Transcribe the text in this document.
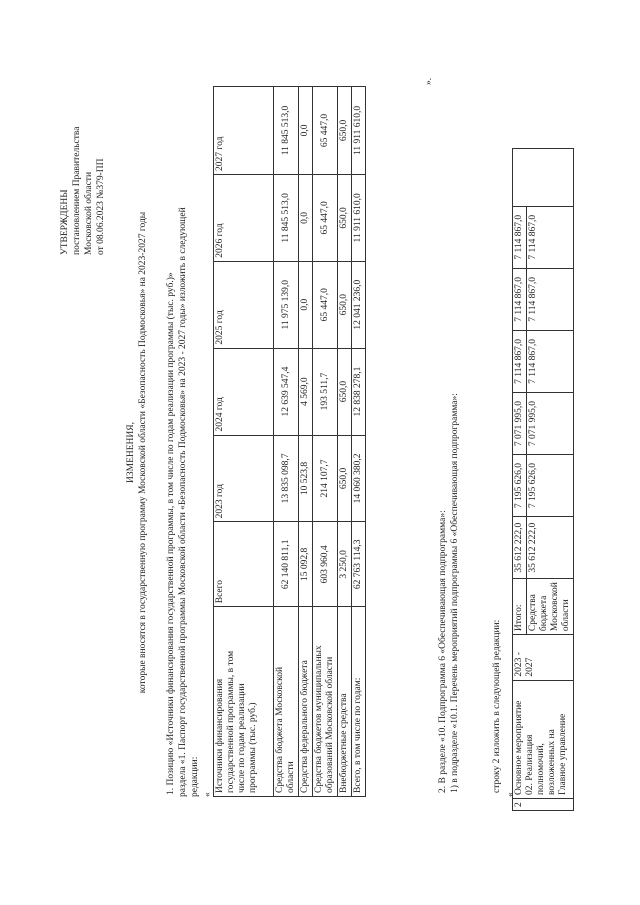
УТВЕРЖДЕНЫ постановлением Правительства Московской области от 08.06.2023 №379-ПП
ИЗМЕНЕНИЯ, которые вносятся в государственную программу Московской области «Безопасность Подмосковья» на 2023-2027 годы 1. Позицию «Источники финансирования государственной программы, в том числе по годам реализации программы (тыс. руб.)» раздела «1. Паспорт государственной программы Московской области «Безопасность Подмосковья» на 2023 - 2027 годы» изложить в следующей редакции: «
Источники финансирования государственной программы, в том числе по годам реализации программы (тыс. руб.)	Всего	2023 год	2024 год	2025 год	2026 год	2027 год

Средства бюджета Московской области	62 140 811,1	13 835 098,7	12 639 547,4	11 975 139,0	11 845 513,0	11 845 513,0

Средства федерального бюджета	15 092,8	10 523,8	4 569,0	0,0	0,0	0,0

Средства бюджетов муниципальных образований Московской области	603 960,4	214 107,7	193 511,7	65 447,0	65 447,0	65 447,0

Внебюджетные средства	3 250,0	650,0	650,0	650,0	650,0	650,0

Всего, в том числе по годам:	62 763 114,3	14 060 380,2	12 838 278,1	12 041 236,0	11 911 610,0	11 911 610,0
».
2. В разделе «10. Подпрограмма 6 «Обеспечивающая подпрограмма»: 1) в подразделе «10.1. Перечень мероприятий подпрограммы 6 «Обеспечивающая подпрограмма»:	строку 2 изложить в следующей редакции:
«
2	Основное мероприятие 02. Реализация полномочий, возложенных на Главное управление	2023 - 2027	Итого:	35 612 222,0	7 195 626,0	7 071 995,0	7 114 867,0	7 114 867,0	7 114 867,0	

			Средства бюджета Московской области	35 612 222,0	7 195 626,0	7 071 995,0	7 114 867,0	7 114 867,0	7 114 867,0	
